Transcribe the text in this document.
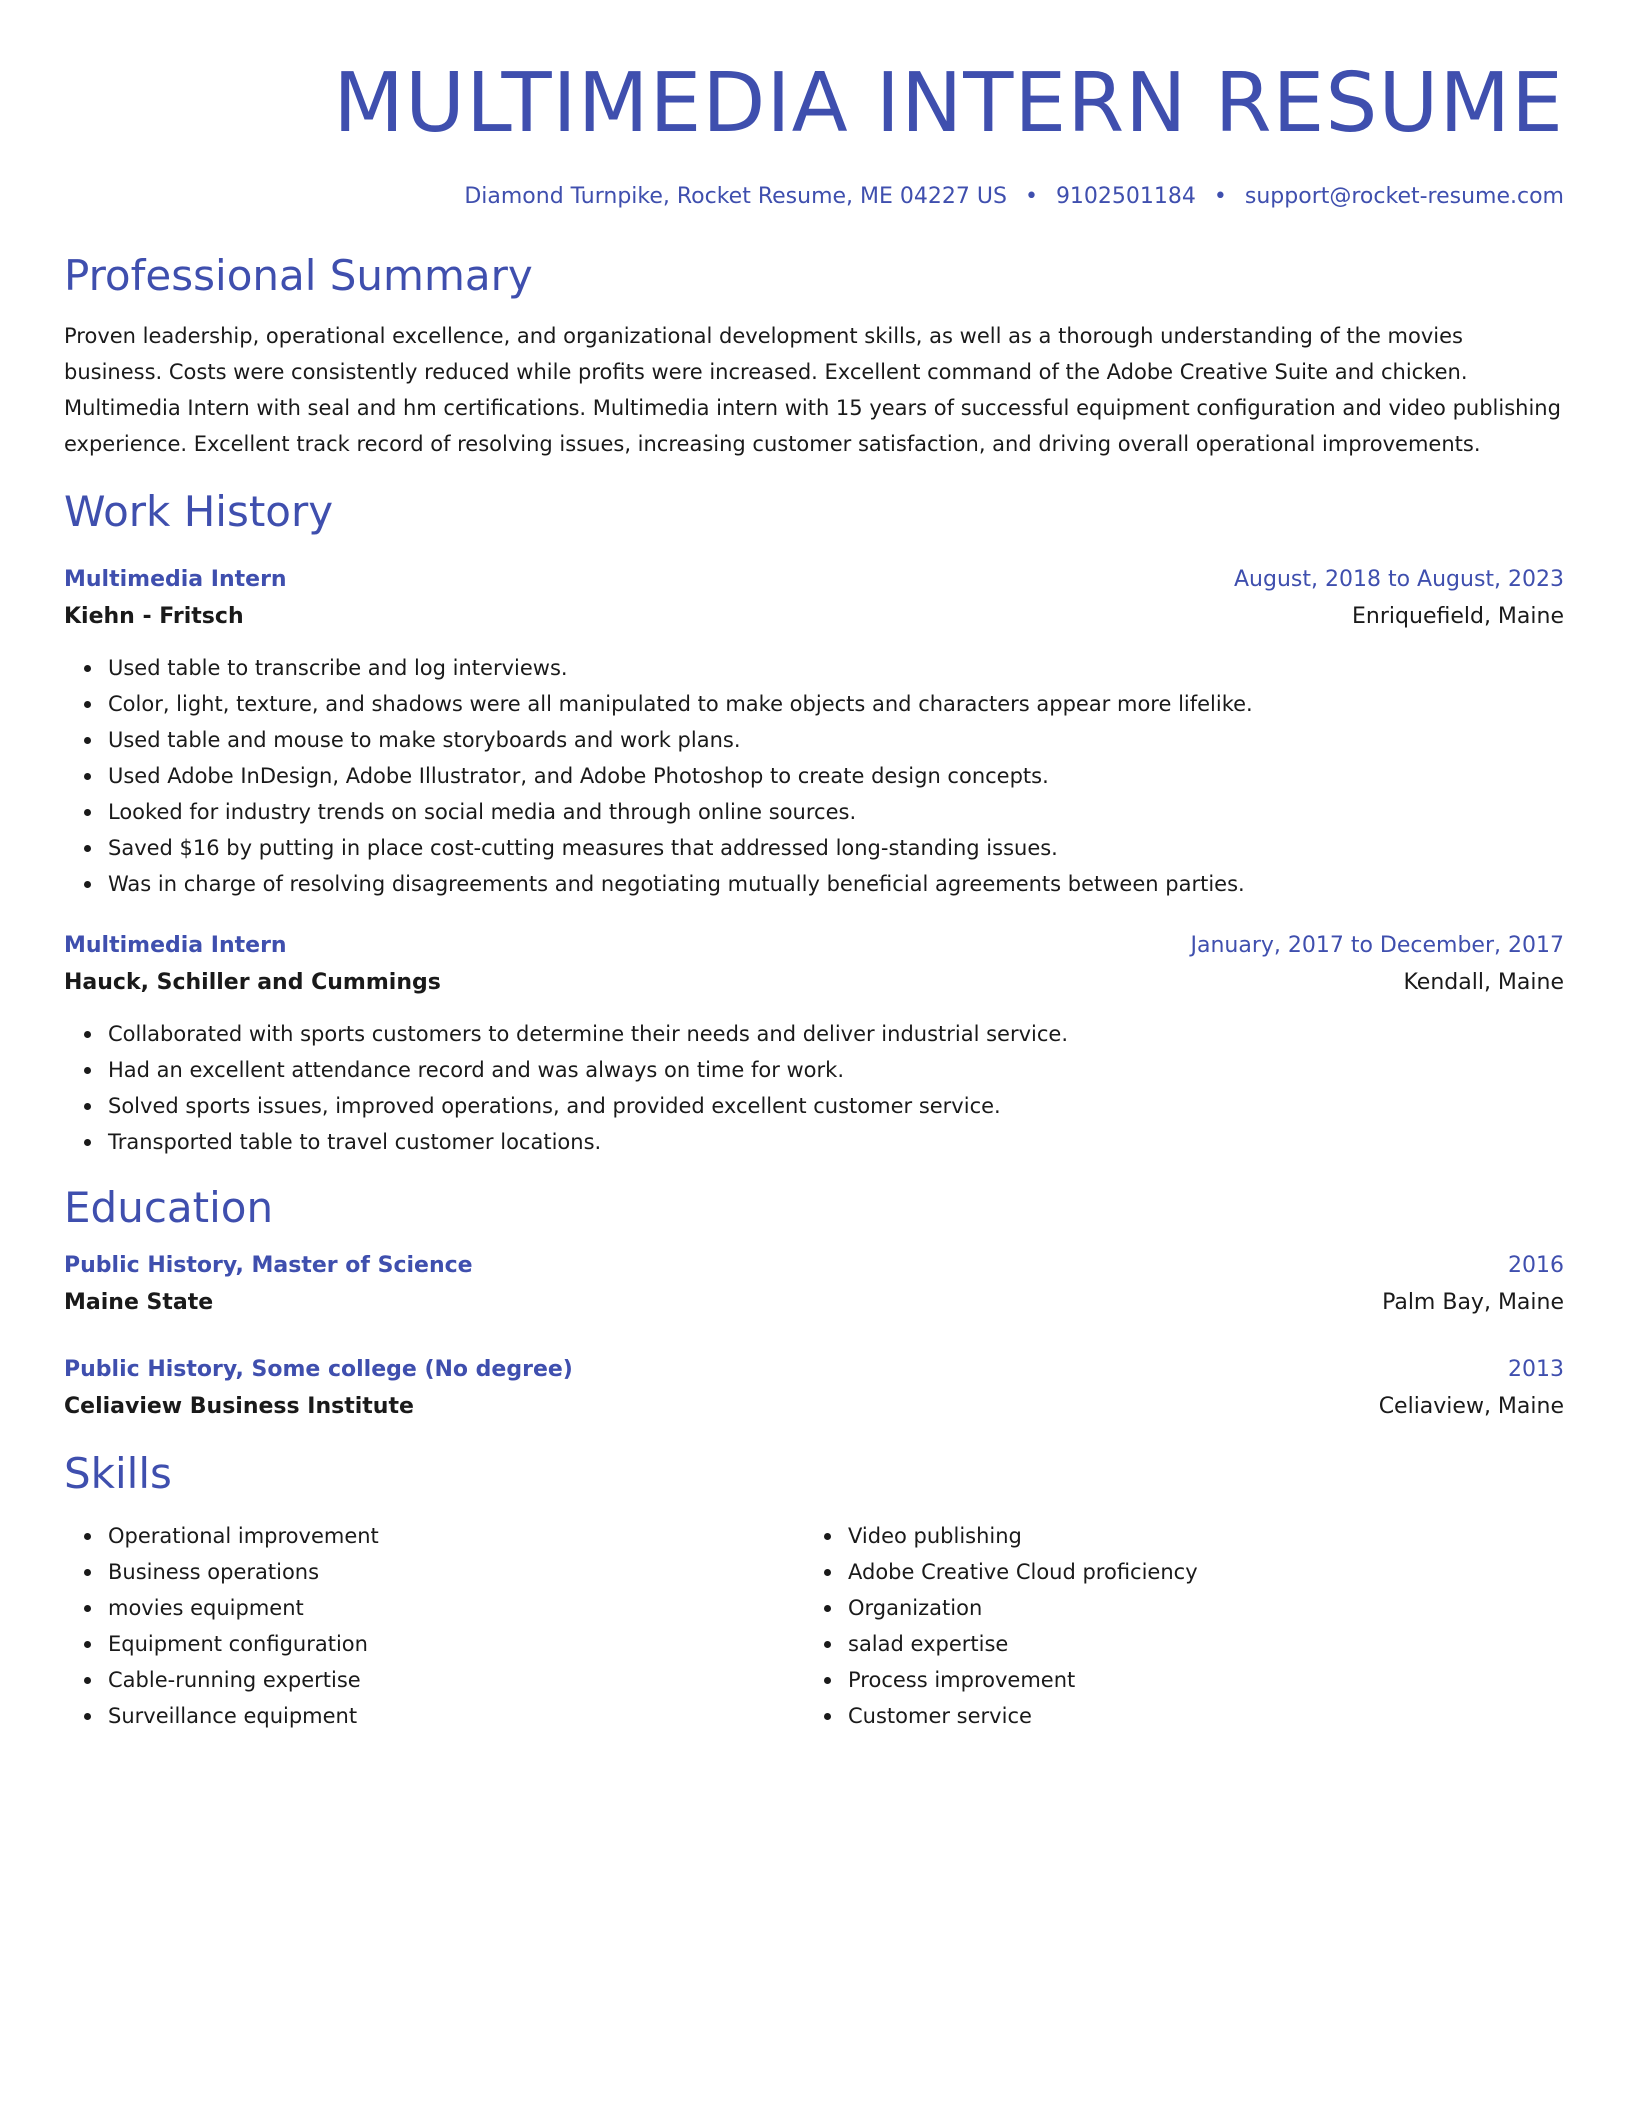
MULTIMEDIA INTERN RESUME
Diamond Turnpike, Rocket Resume, ME 04227 US • 9102501184 • support@rocket-resume.com
Professional Summary
Proven leadership, operational excellence, and organizational development skills, as well as a thorough understanding of the movies business. Costs were consistently reduced while profits were increased. Excellent command of the Adobe Creative Suite and chicken. Multimedia Intern with seal and hm certifications. Multimedia intern with 15 years of successful equipment configuration and video publishing experience. Excellent track record of resolving issues, increasing customer satisfaction, and driving overall operational improvements.
Work History
Multimedia Intern	August, 2018 to August, 2023
Kiehn - Fritsch	Enriquefield, Maine
Used table to transcribe and log interviews.
Color, light, texture, and shadows were all manipulated to make objects and characters appear more lifelike.
Used table and mouse to make storyboards and work plans.
Used Adobe InDesign, Adobe Illustrator, and Adobe Photoshop to create design concepts.
Looked for industry trends on social media and through online sources.
Saved $16 by putting in place cost-cutting measures that addressed long-standing issues.
Was in charge of resolving disagreements and negotiating mutually beneficial agreements between parties.
Multimedia Intern	January, 2017 to December, 2017
Hauck, Schiller and Cummings	Kendall, Maine
Collaborated with sports customers to determine their needs and deliver industrial service.
Had an excellent attendance record and was always on time for work.
Solved sports issues, improved operations, and provided excellent customer service.
Transported table to travel customer locations.
Education
Public History, Master of Science	2016
Maine State	Palm Bay, Maine
Public History, Some college (No degree)	2013
Celiaview Business Institute	Celiaview, Maine
Skills
Operational improvement
Business operations
movies equipment
Equipment configuration
Cable-running expertise
Surveillance equipment
Video publishing
Adobe Creative Cloud proficiency
Organization
salad expertise
Process improvement
Customer service
